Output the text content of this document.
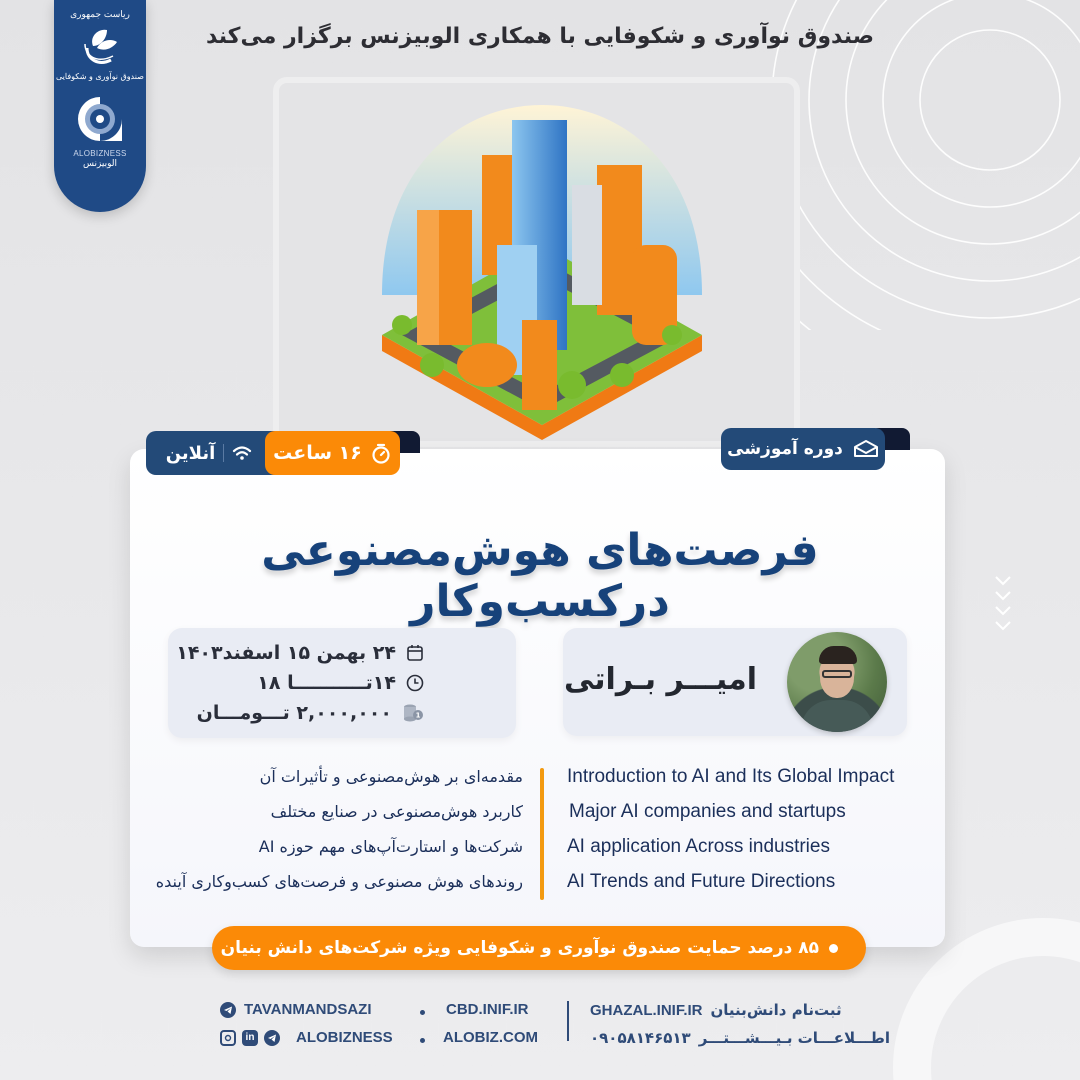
ریاست جمهوری
صندوق نوآوری و شکوفایی
ALOBIZNESS
الوبیزنس
صندوق نوآوری و شکوفایی با همکاری الوبیزنس برگزار می‌کند
آنلاین	۱۶ ساعت	دوره آموزشی
فرصت‌های هوش‌مصنوعی درکسب‌وکار
۲۴ بهمن ۱۵ اسفند۱۴۰۳
۱۴تـــــــــــا ۱۸
1
۲,۰۰۰,۰۰۰ تـــومـــان
امیـــر بـراتی
مقدمه‌ای بر هوش‌مصنوعی و تأثیرات آن
کاربرد هوش‌مصنوعی در صنایع مختلف
شرکت‌ها و استارت‌آپ‌های مهم حوزه AI
روندهای هوش مصنوعی و فرصت‌های کسب‌وکاری آینده
Introduction to AI and Its Global Impact
Major AI companies and startups
AI application Across industries
AI Trends and Future Directions
۸۵ درصد حمایت صندوق نوآوری و شکوفایی ویژه شرکت‌های دانش بنیان
TAVANMANDSAZI	CBD.INIF.IR
in	ALOBIZNESS	ALOBIZ.COM
GHAZAL.INIF.IR ثبت‌نام دانش‌بنیان
۰۹۰۵۸۱۴۶۵۱۳ اطـــلاعـــات بـیـــشـــتـــر
